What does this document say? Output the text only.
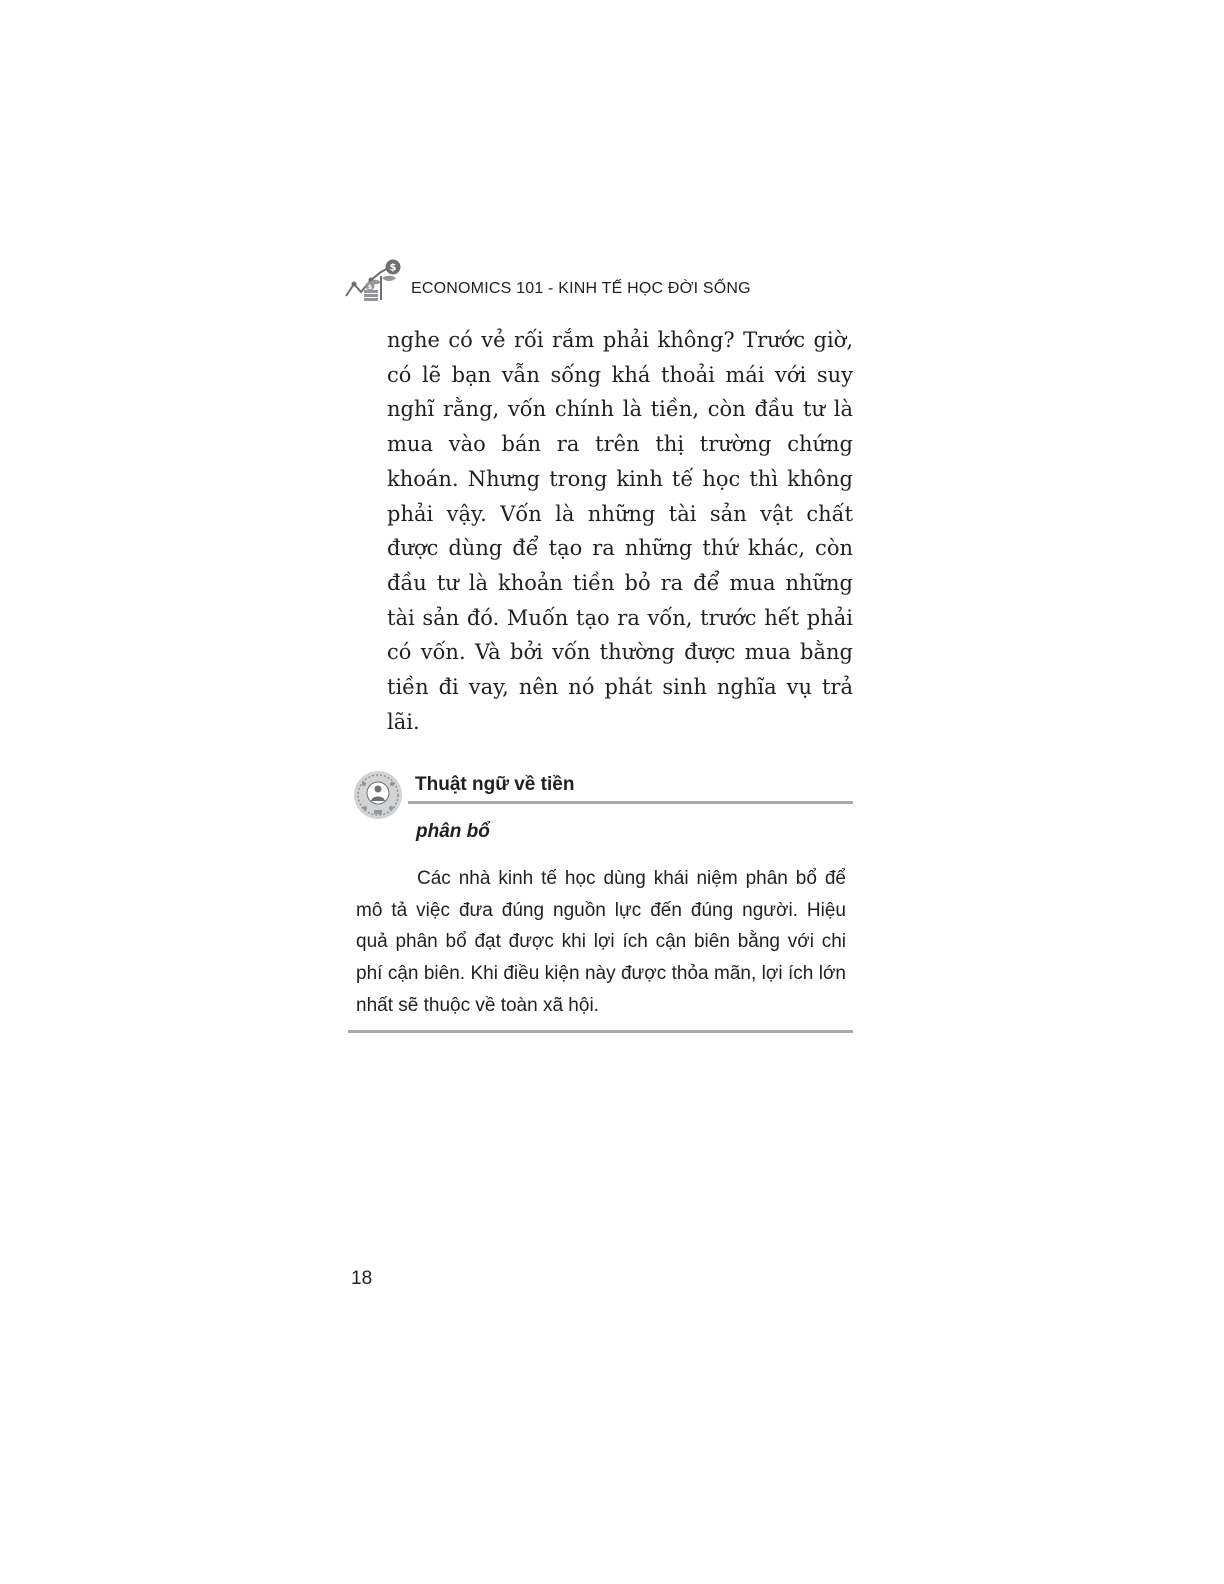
$
$ ECONOMICS 101 - KINH TẾ HỌC ĐỜI SỐNG
nghe có vẻ rối rắm phải không? Trước giờ, có lẽ bạn vẫn sống khá thoải mái với suy nghĩ rằng, vốn chính là tiền, còn đầu tư là mua vào bán ra trên thị trường chứng khoán. Nhưng trong kinh tế học thì không phải vậy. Vốn là những tài sản vật chất được dùng để tạo ra những thứ khác, còn đầu tư là khoản tiền bỏ ra để mua những tài sản đó. Muốn tạo ra vốn, trước hết phải có vốn. Và bởi vốn thường được mua bằng tiền đi vay, nên nó phát sinh nghĩa vụ trả lãi.
Thuật ngữ về tiền
phân bổ

Các nhà kinh tế học dùng khái niệm phân bổ để mô tả việc đưa đúng nguồn lực đến đúng người. Hiệu quả phân bổ đạt được khi lợi ích cận biên bằng với chi phí cận biên. Khi điều kiện này được thỏa mãn, lợi ích lớn nhất sẽ thuộc về toàn xã hội.

18
